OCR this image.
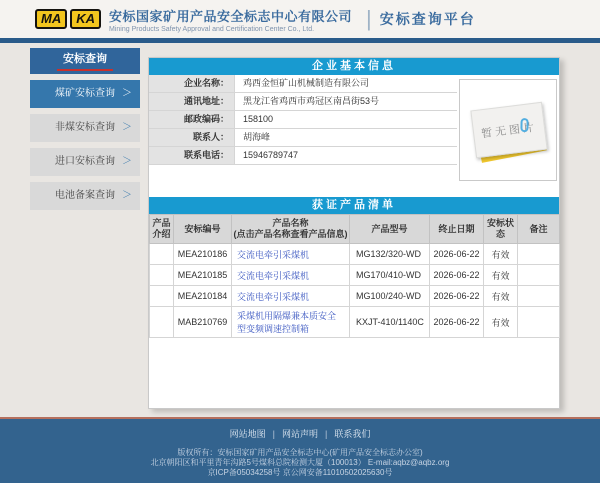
MA	KA	安标国家矿用产品安全标志中心有限公司
Mining Products Safety Approval and Certification Center Co., Ltd.	| 安标查询平台
安标查询
煤矿安标查询 ＞
非煤安标查询 ＞
进口安标查询 ＞
电池备案查询 ＞
企业基本信息
企业名称：	鸡西金恒矿山机械制造有限公司
通讯地址：	黑龙江省鸡西市鸡冠区南昌街53号
邮政编码：	158100
联系人：	胡海峰
联系电话：	15946789747
暂无图片
获证产品清单
产品介绍	安标编号	产品名称
(点击产品名称查看产品信息)	产品型号	终止日期	安标状态	备注
	MEA210186	交流电牵引采煤机	MG132/320-WD	2026-06-22	有效	
	MEA210185	交流电牵引采煤机	MG170/410-WD	2026-06-22	有效	
	MEA210184	交流电牵引采煤机	MG100/240-WD	2026-06-22	有效	
	MAB210769	采煤机用隔爆兼本质安全型变频调速控制箱	KXJT-410/1140C	2026-06-22	有效	
网站地图 | 网站声明 | 联系我们
版权所有：安标国家矿用产品安全标志中心(矿用产品安全标志办公室)
北京朝阳区和平里青年沟路5号煤科总院检测大厦（100013） E-mail:aqbz@aqbz.org
京ICP备05034258号 京公网安备11010502025630号
